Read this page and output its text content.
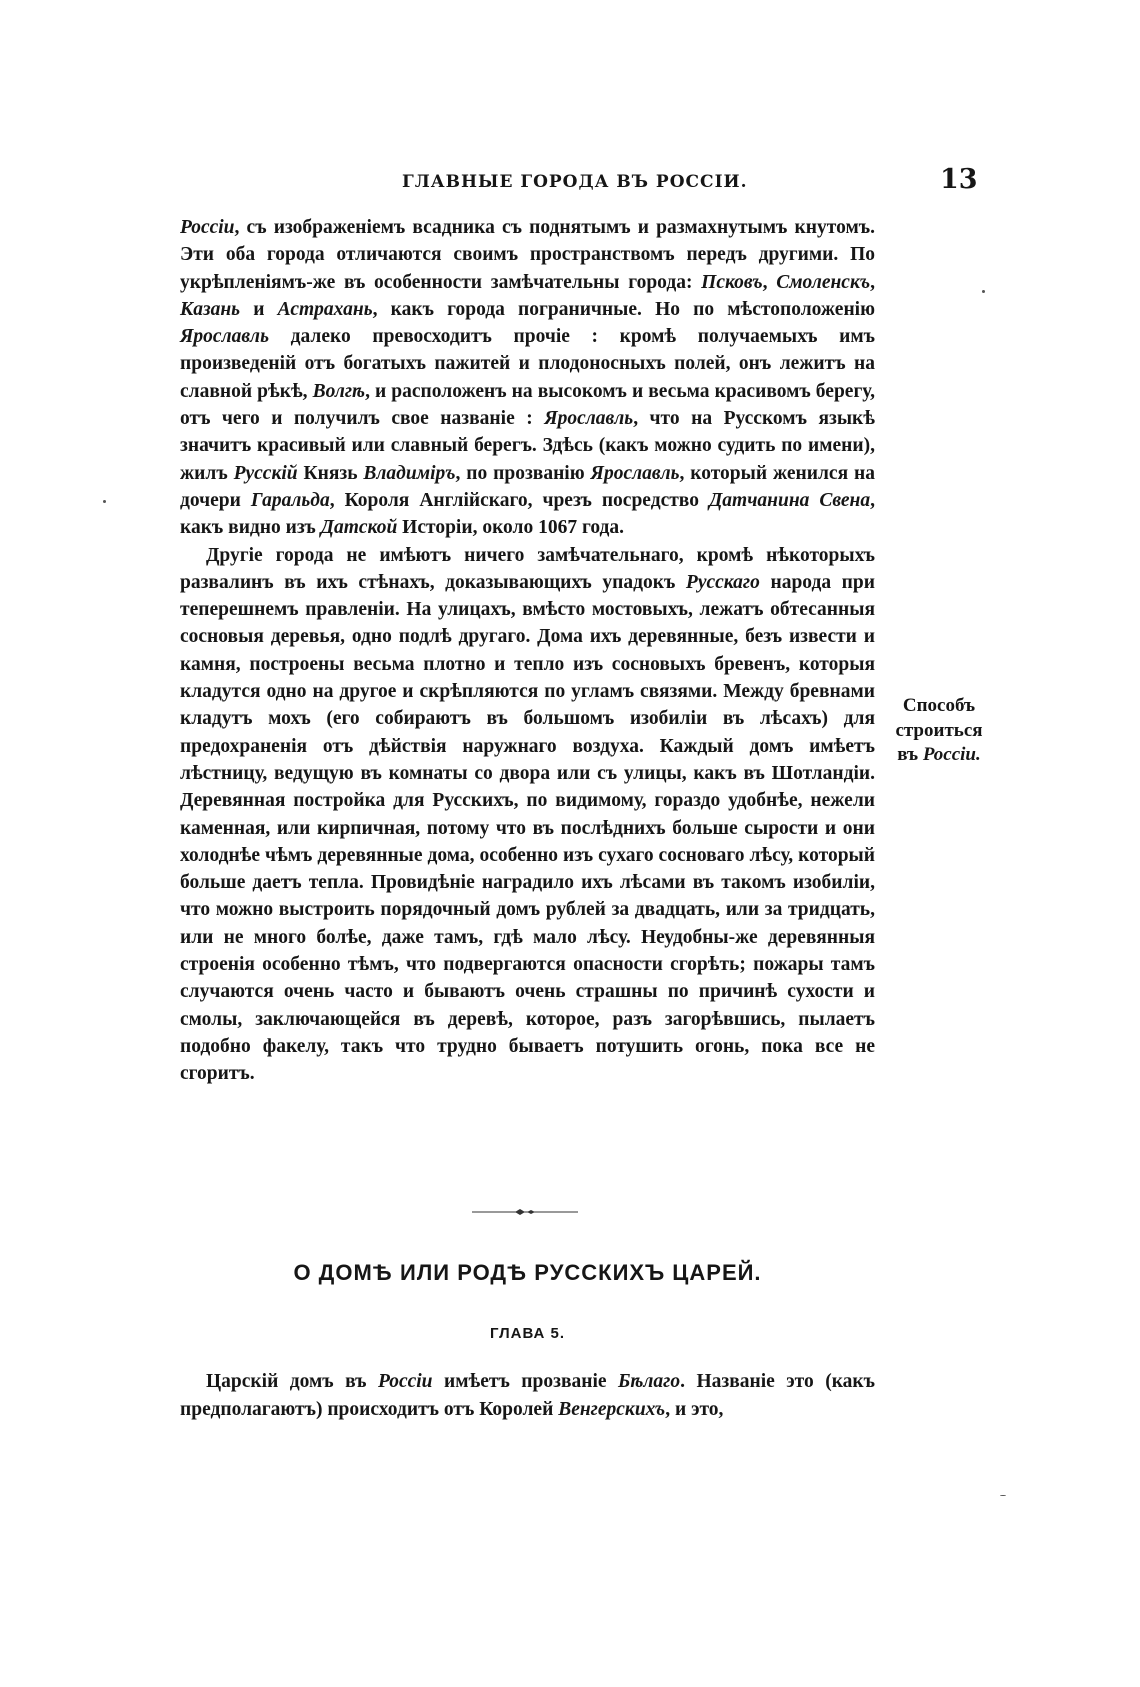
ГЛАВНЫЕ ГОРОДА ВЪ РОССІИ.	13

Россіи, съ изображеніемъ всадника съ поднятымъ и размахнутымъ кнутомъ. Эти оба города отличаются своимъ пространствомъ передъ другими. По укрѣпленіямъ-же въ особенности замѣчательны города: Псковъ, Смоленскъ, Казань и Астрахань, какъ города пограничные. Но по мѣстоположенію Ярославль далеко превосходитъ прочіе : кромѣ получаемыхъ имъ произведеній отъ богатыхъ пажитей и плодоносныхъ полей, онъ лежитъ на славной рѣкѣ, Волгѣ, и расположенъ на высокомъ и весьма красивомъ берегу, отъ чего и получилъ свое названіе : Ярославль, что на Русскомъ языкѣ значитъ красивый или славный берегъ. Здѣсь (какъ можно судить по имени), жилъ Русскій Князь Владиміръ, по прозванію Ярославль, который женился на дочери Гаральда, Короля Англійскаго, чрезъ посредство Датчанина Свена, какъ видно изъ Датской Исторіи, около 1067 года.

Другіе города не имѣютъ ничего замѣчательнаго, кромѣ нѣкоторыхъ развалинъ въ ихъ стѣнахъ, доказывающихъ упадокъ Русскаго народа при теперешнемъ правленіи. На улицахъ, вмѣсто мостовыхъ, лежатъ обтесанныя сосновыя деревья, одно подлѣ другаго. Дома ихъ деревянные, безъ извести и камня, построены весьма плотно и тепло изъ сосновыхъ бревенъ, которыя кладутся одно на другое и скрѣпляются по угламъ связями. Между бревнами кладутъ мохъ (его собираютъ въ большомъ изобиліи въ лѣсахъ) для предохраненія отъ дѣйствія наружнаго воздуха. Каждый домъ имѣетъ лѣстницу, ведущую въ комнаты со двора или съ улицы, какъ въ Шотландіи. Деревянная постройка для Русскихъ, по видимому, гораздо удобнѣе, нежели каменная, или кирпичная, потому что въ послѣднихъ больше сырости и они холоднѣе чѣмъ деревянные дома, особенно изъ сухаго сосноваго лѣсу, который больше даетъ тепла. Провидѣніе наградило ихъ лѣсами въ такомъ изобиліи, что можно выстроить порядочный домъ рублей за двадцать, или за тридцать, или не много болѣе, даже тамъ, гдѣ мало лѣсу. Неудобны-же деревянныя строенія особенно тѣмъ, что подвергаются опасности сгорѣть; пожары тамъ случаются очень часто и бываютъ очень страшны по причинѣ сухости и смолы, заключающейся въ деревѣ, которое, разъ загорѣвшись, пылаетъ подобно факелу, такъ что трудно бываетъ потушить огонь, пока все не сгоритъ.

Способъ
строиться
въ Россіи.
О ДОМѢ ИЛИ РОДѢ РУССКИХЪ ЦАРЕЙ.
ГЛАВА 5.

Царскій домъ въ Россіи имѣетъ прозваніе Бѣлаго. Названіе это (какъ предполагаютъ) происходитъ отъ Королей Венгерскихъ, и это,
